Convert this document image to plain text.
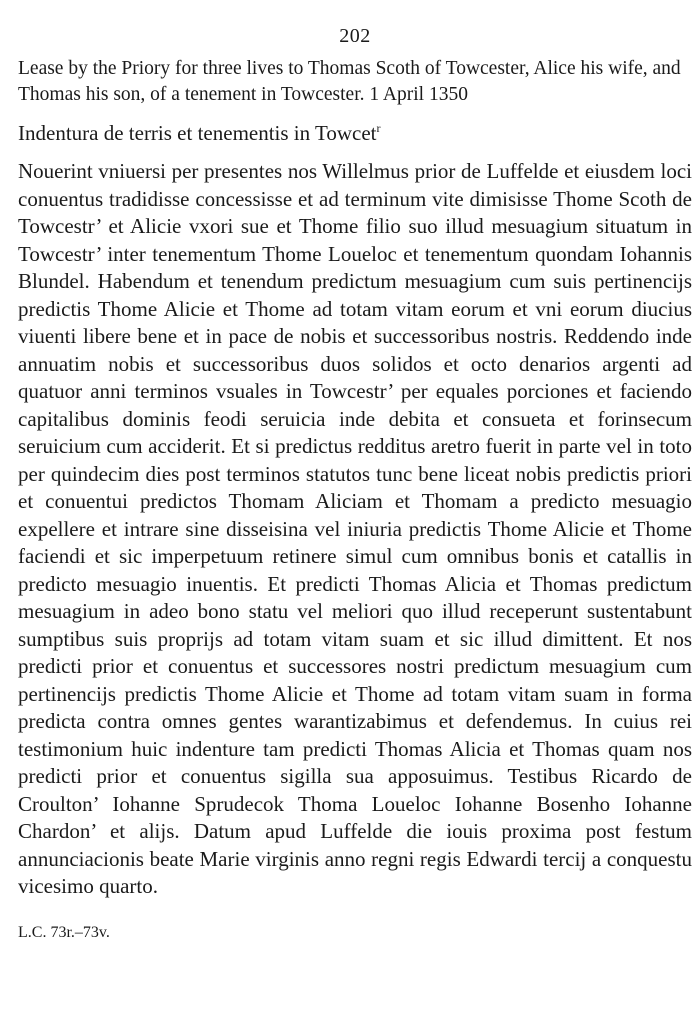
202
Lease by the Priory for three lives to Thomas Scoth of Towcester, Alice his wife, and Thomas his son, of a tenement in Towcester. 1 April 1350
Indentura de terris et tenementis in Towcet$^r$

Nouerint vniuersi per presentes nos Willelmus prior de Luffelde et eiusdem loci conuentus tradidisse concessisse et ad terminum vite dimisisse Thome Scoth de Towcestr’ et Alicie vxori sue et Thome filio suo illud mesuagium situatum in Towcestr’ inter tenementum Thome Loueloc et tenementum quondam Iohannis Blundel. Habendum et tenendum predictum mesuagium cum suis pertinencijs predictis Thome Alicie et Thome ad totam vitam eorum et vni eorum diucius viuenti libere bene et in pace de nobis et successoribus nostris. Reddendo inde annuatim nobis et successoribus duos solidos et octo denarios argenti ad quatuor anni terminos vsuales in Towcestr’ per equales porciones et faciendo capitalibus dominis feodi seruicia inde debita et consueta et forinsecum seruicium cum acciderit. Et si predictus redditus aretro fuerit in parte vel in toto per quindecim dies post terminos statutos tunc bene liceat nobis predictis priori et conuentui predictos Thomam Aliciam et Thomam a predicto mesuagio expellere et intrare sine disseisina vel iniuria predictis Thome Alicie et Thome faciendi et sic imperpetuum retinere simul cum omnibus bonis et catallis in predicto mesuagio inuentis. Et predicti Thomas Alicia et Thomas predictum mesuagium in adeo bono statu vel meliori quo illud receperunt sustentabunt sumptibus suis proprijs ad totam vitam suam et sic illud dimittent. Et nos predicti prior et conuentus et successores nostri predictum mesuagium cum pertinencijs predictis Thome Alicie et Thome ad totam vitam suam in forma predicta contra omnes gentes warantizabimus et defendemus. In cuius rei testimonium huic indenture tam predicti Thomas Alicia et Thomas quam nos predicti prior et conuentus sigilla sua apposuimus. Testibus Ricardo de Croulton’ Iohanne Sprudecok Thoma Loueloc Iohanne Bosenho Iohanne Chardon’ et alijs. Datum apud Luffelde die iouis proxima post festum annunciacionis beate Marie virginis anno regni regis Edwardi tercij a conquestu vicesimo quarto.

L.C. 73r.–73v.
